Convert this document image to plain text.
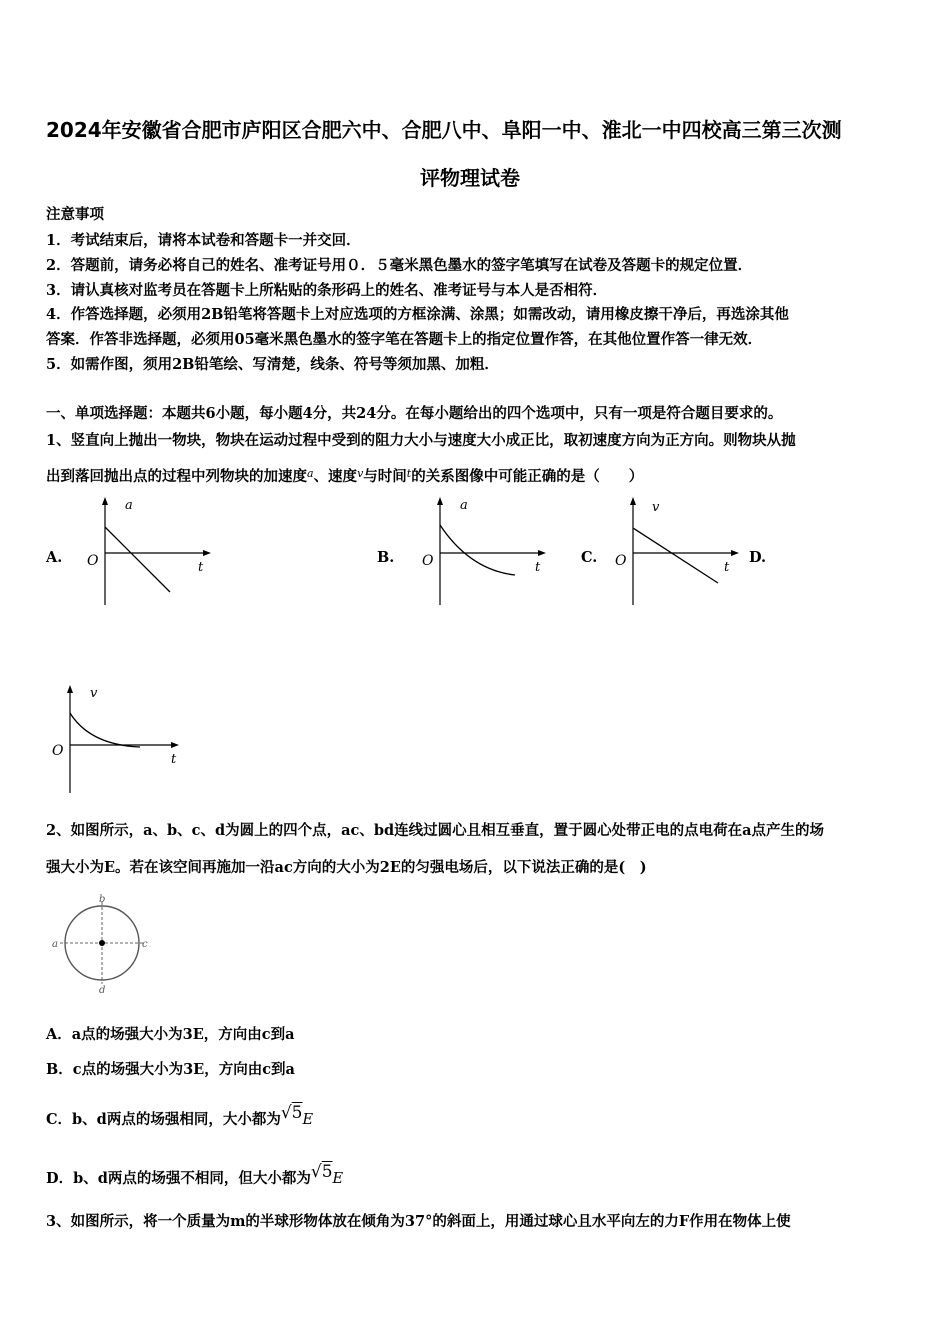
2024年安徽省合肥市庐阳区合肥六中、合肥八中、阜阳一中、淮北一中四校高三第三次测
评物理试卷
注意事项
1．考试结束后，请将本试卷和答题卡一并交回．
2．答题前，请务必将自己的姓名、准考证号用０．５毫米黑色墨水的签字笔填写在试卷及答题卡的规定位置．
3．请认真核对监考员在答题卡上所粘贴的条形码上的姓名、准考证号与本人是否相符．
4．作答选择题，必须用2B铅笔将答题卡上对应选项的方框涂满、涂黑；如需改动，请用橡皮擦干净后，再选涂其他
答案．作答非选择题，必须用05毫米黑色墨水的签字笔在答题卡上的指定位置作答，在其他位置作答一律无效．
5．如需作图，须用2B铅笔绘、写清楚，线条、符号等须加黑、加粗．
一、单项选择题：本题共6小题，每小题4分，共24分。在每小题给出的四个选项中，只有一项是符合题目要求的。
1、竖直向上抛出一物块，物块在运动过程中受到的阻力大小与速度大小成正比，取初速度方向为正方向。则物块从抛
出到落回抛出点的过程中列物块的加速度$^a$、速度$^v$与时间$^t$的关系图像中可能正确的是（　　）
A.	B.	C.	D.
a
t
O
a
t
O
v
t
O
v
t
O
2、如图所示，a、b、c、d为圆上的四个点，ac、bd连线过圆心且相互垂直，置于圆心处带正电的点电荷在a点产生的场
强大小为E。若在该空间再施加一沿ac方向的大小为2E的匀强电场后，以下说法正确的是(　)
b
a	c
d
A．a点的场强大小为3E，方向由c到a
B．c点的场强大小为3E，方向由c到a
C．b、d两点的场强相同，大小都为√5E
D．b、d两点的场强不相同，但大小都为√5E
3、如图所示，将一个质量为m的半球形物体放在倾角为37°的斜面上，用通过球心且水平向左的力F作用在物体上使
